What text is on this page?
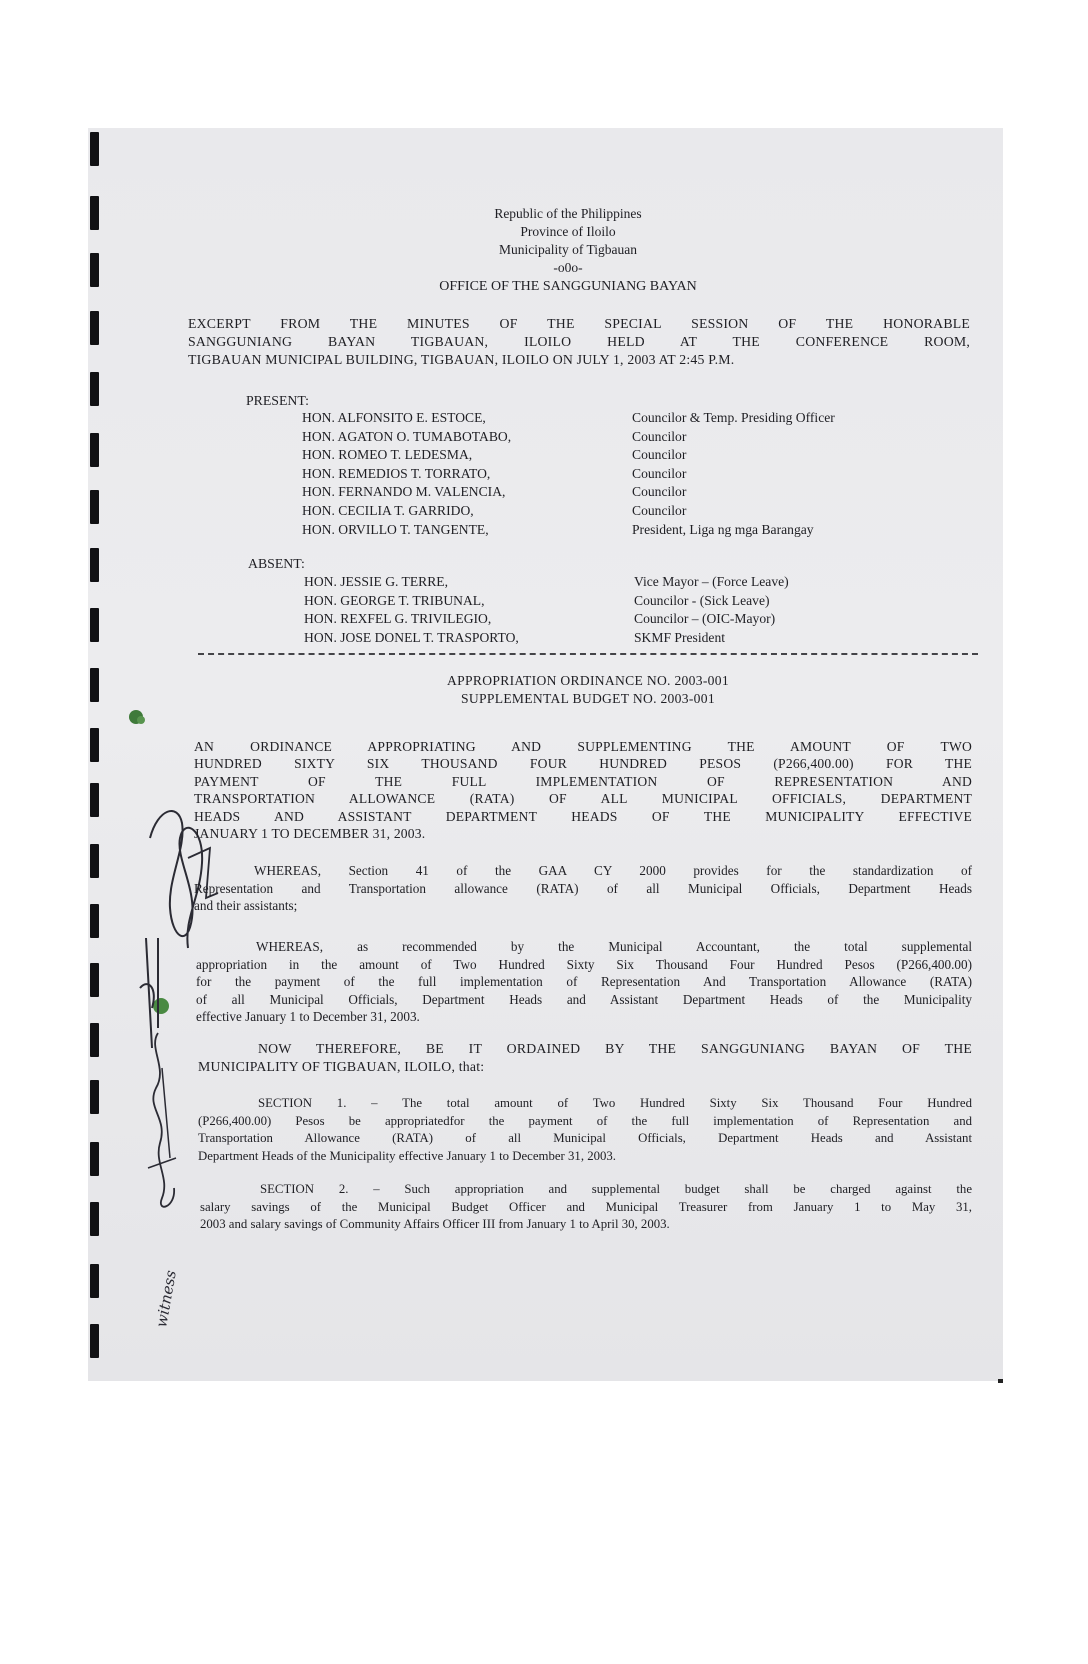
witness
Republic of the Philippines
Province of Iloilo
Municipality of Tigbauan
-o0o-
OFFICE OF THE SANGGUNIANG BAYAN
EXCERPT FROM THE MINUTES OF THE SPECIAL SESSION OF THE HONORABLE
SANGGUNIANG BAYAN TIGBAUAN, ILOILO HELD AT THE CONFERENCE ROOM,
TIGBAUAN MUNICIPAL BUILDING, TIGBAUAN, ILOILO ON JULY 1, 2003 AT 2:45 P.M.
PRESENT:
HON. ALFONSITO E. ESTOCE,	Councilor & Temp. Presiding Officer
HON. AGATON O. TUMABOTABO,	Councilor
HON. ROMEO T. LEDESMA,	Councilor
HON. REMEDIOS T. TORRATO,	Councilor
HON. FERNANDO M. VALENCIA,	Councilor
HON. CECILIA T. GARRIDO,	Councilor
HON. ORVILLO T. TANGENTE,	President, Liga ng mga Barangay
ABSENT:
HON. JESSIE G. TERRE,	Vice Mayor – (Force Leave)
HON. GEORGE T. TRIBUNAL,	Councilor - (Sick Leave)
HON. REXFEL G. TRIVILEGIO,	Councilor – (OIC-Mayor)
HON. JOSE DONEL T. TRASPORTO,	SKMF President
APPROPRIATION ORDINANCE NO. 2003-001
SUPPLEMENTAL BUDGET NO. 2003-001
AN ORDINANCE APPROPRIATING AND SUPPLEMENTING THE AMOUNT OF TWO
HUNDRED SIXTY SIX THOUSAND FOUR HUNDRED PESOS (P266,400.00) FOR THE
PAYMENT OF THE FULL IMPLEMENTATION OF REPRESENTATION AND
TRANSPORTATION ALLOWANCE (RATA) OF ALL MUNICIPAL OFFICIALS, DEPARTMENT
HEADS AND ASSISTANT DEPARTMENT HEADS OF THE MUNICIPALITY EFFECTIVE
JANUARY 1 TO DECEMBER 31, 2003.
WHEREAS, Section 41 of the GAA CY 2000 provides for the standardization of
Representation and Transportation allowance (RATA) of all Municipal Officials, Department Heads
and their assistants;
WHEREAS, as recommended by the Municipal Accountant, the total supplemental
appropriation in the amount of Two Hundred Sixty Six Thousand Four Hundred Pesos (P266,400.00)
for the payment of the full implementation of Representation And Transportation Allowance (RATA)
of all Municipal Officials, Department Heads and Assistant Department Heads of the Municipality
effective January 1 to December 31, 2003.
NOW THEREFORE, BE IT ORDAINED BY THE SANGGUNIANG BAYAN OF THE
MUNICIPALITY OF TIGBAUAN, ILOILO, that:
SECTION 1. – The total amount of Two Hundred Sixty Six Thousand Four Hundred
(P266,400.00) Pesos be appropriatedfor the payment of the full implementation of Representation and
Transportation Allowance (RATA) of all Municipal Officials, Department Heads and Assistant
Department Heads of the Municipality effective January 1 to December 31, 2003.
SECTION 2. – Such appropriation and supplemental budget shall be charged against the
salary savings of the Municipal Budget Officer and Municipal Treasurer from January 1 to May 31,
2003 and salary savings of Community Affairs Officer III from January 1 to April 30, 2003.
